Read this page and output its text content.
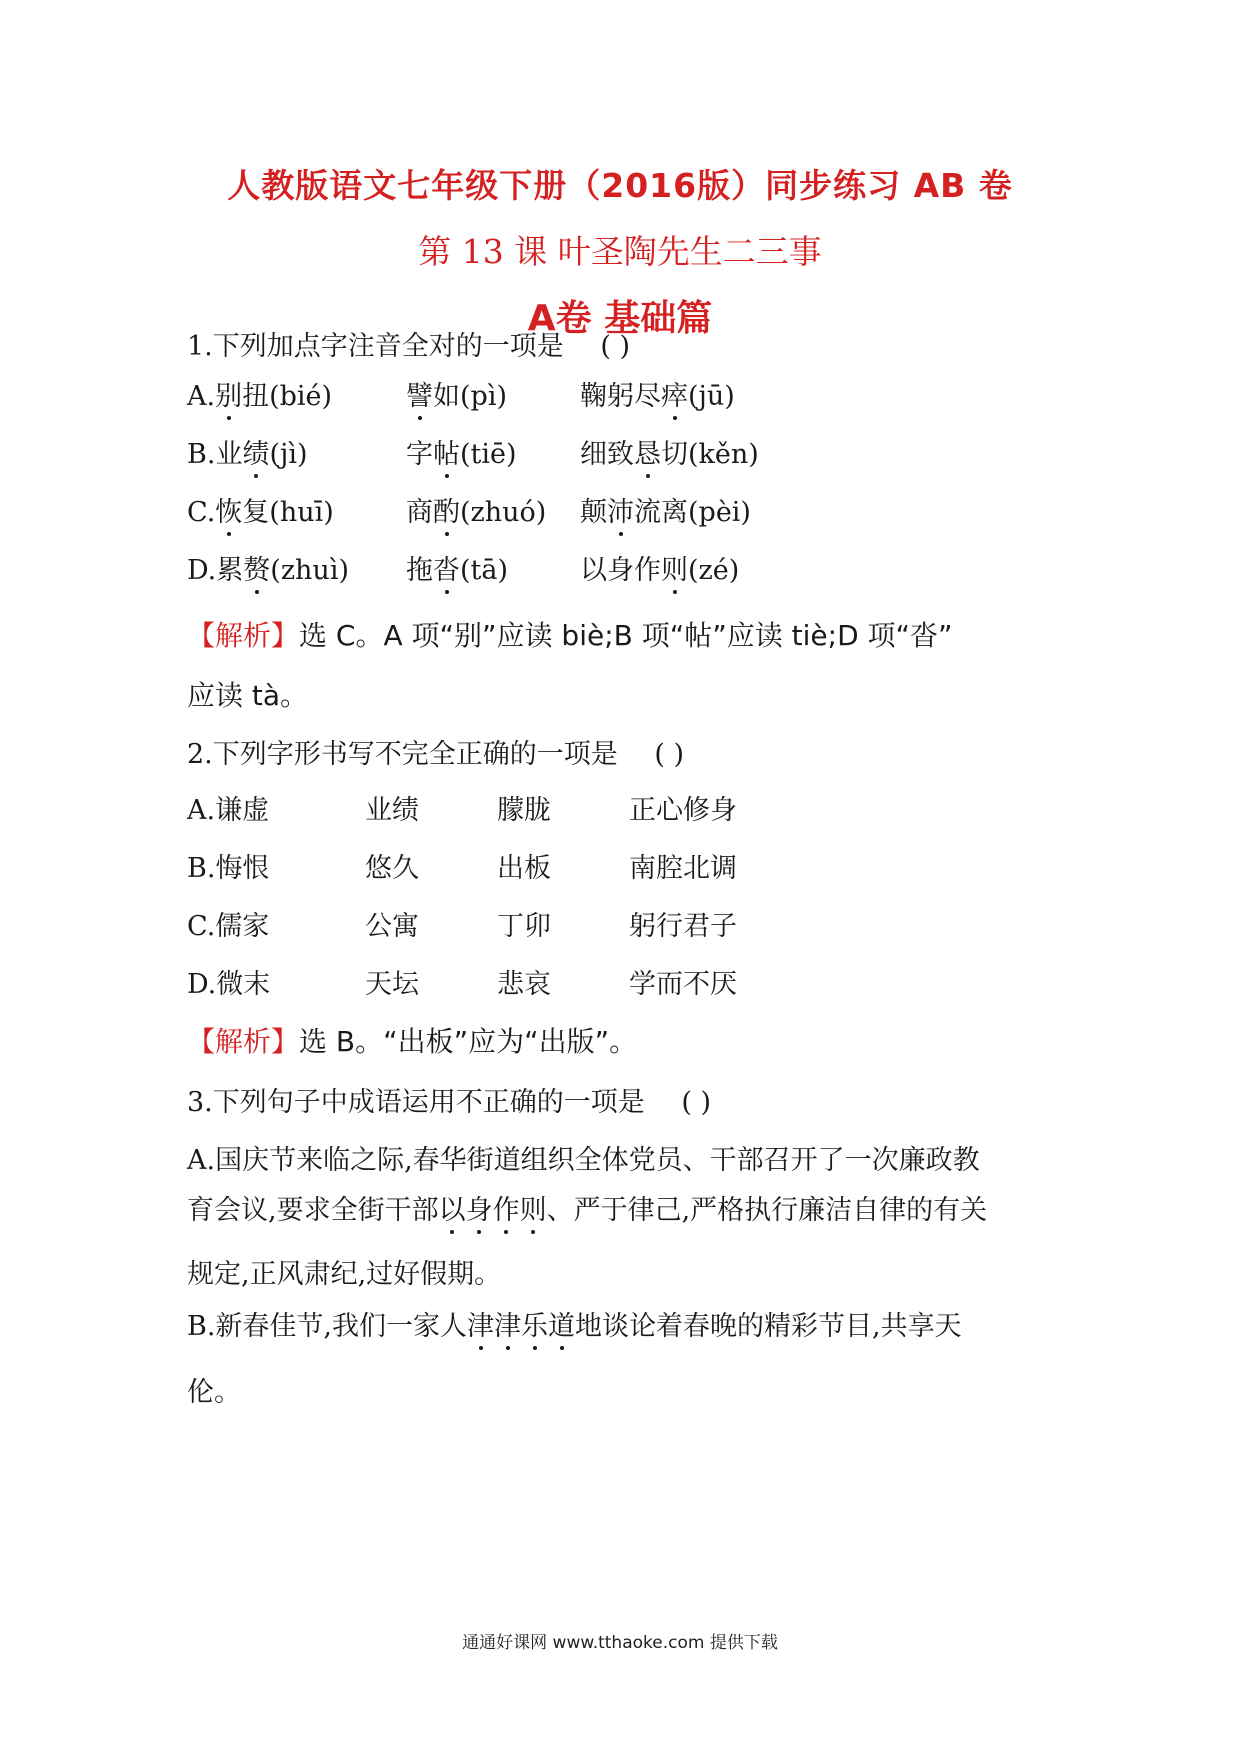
人教版语文七年级下册（2016版）同步练习 AB 卷
第 13 课 叶圣陶先生二三事
A卷 基础篇
1.下列加点字注音全对的一项是 ( )
A.别扭(bié)	譬如(pì)	鞠躬尽瘁(jū)
B.业绩(jì)	字帖(tiē) 细致恳切(kěn)
C.恢复(huī)	商酌(zhuó) 颠沛流离(pèi)
D.累赘(zhuì) 拖沓(tā)	以身作则(zé)
【解析】选 C。A 项“别”应读 biè;B 项“帖”应读 tiè;D 项“沓”
应读 tà。
2.下列字形书写不完全正确的一项是 ( )
A.谦虚	业绩	朦胧	正心修身
B.悔恨	悠久	出板	南腔北调
C.儒家	公寓	丁卯	躬行君子
D.微末	天坛	悲哀	学而不厌
【解析】选 B。“出板”应为“出版”。
3.下列句子中成语运用不正确的一项是 ( )
A.国庆节来临之际,春华街道组织全体党员、干部召开了一次廉政教
育会议,要求全街干部以身作则、严于律己,严格执行廉洁自律的有关
规定,正风肃纪,过好假期。
B.新春佳节,我们一家人津津乐道地谈论着春晚的精彩节目,共享天
伦。
通通好课网 www.tthaoke.com 提供下载
